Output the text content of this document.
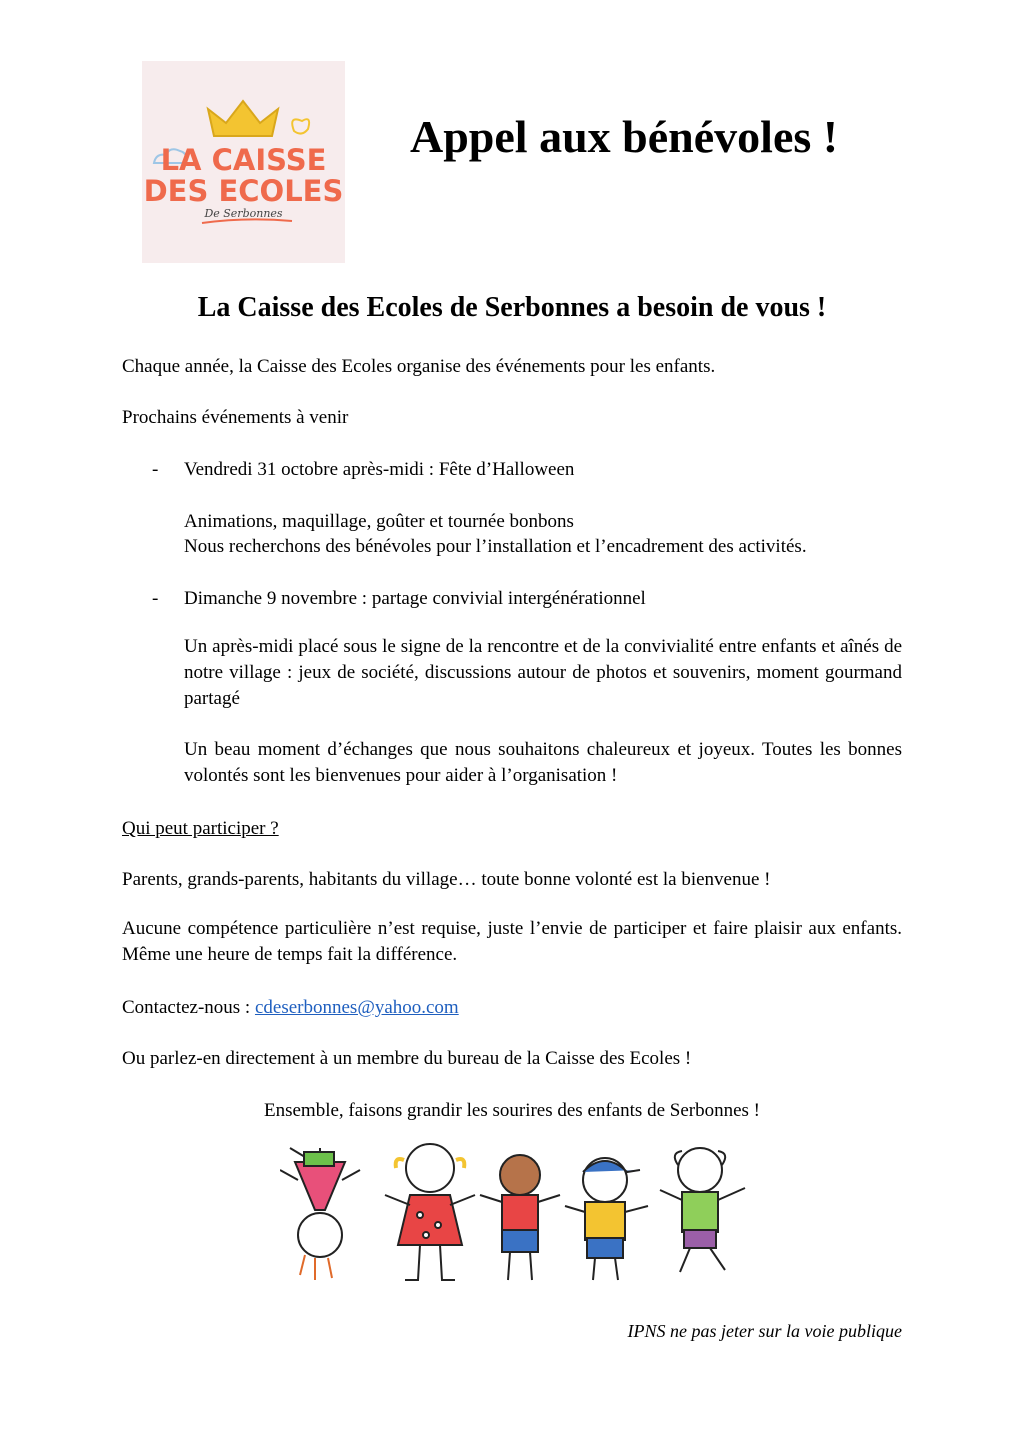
LA CAISSE
DES ECOLES
De Serbonnes
Appel aux bénévoles !
La Caisse des Ecoles de Serbonnes a besoin de vous !
Chaque année, la Caisse des Ecoles organise des événements pour les enfants.
Prochains événements à venir
- Vendredi 31 octobre après-midi : Fête d’Halloween
Animations, maquillage, goûter et tournée bonbons
Nous recherchons des bénévoles pour l’installation et l’encadrement des activités.
- Dimanche 9 novembre : partage convivial intergénérationnel
Un après-midi placé sous le signe de la rencontre et de la convivialité entre enfants et aînés de notre village : jeux de société, discussions autour de photos et souvenirs, moment gourmand partagé
Un beau moment d’échanges que nous souhaitons chaleureux et joyeux. Toutes les bonnes volontés sont les bienvenues pour aider à l’organisation !
Qui peut participer ?
Parents, grands-parents, habitants du village… toute bonne volonté est la bienvenue !
Aucune compétence particulière n’est requise, juste l’envie de participer et faire plaisir aux enfants. Même une heure de temps fait la différence.
Contactez-nous : cdeserbonnes@yahoo.com
Ou parlez-en directement à un membre du bureau de la Caisse des Ecoles !
Ensemble, faisons grandir les sourires des enfants de Serbonnes !
IPNS ne pas jeter sur la voie publique
